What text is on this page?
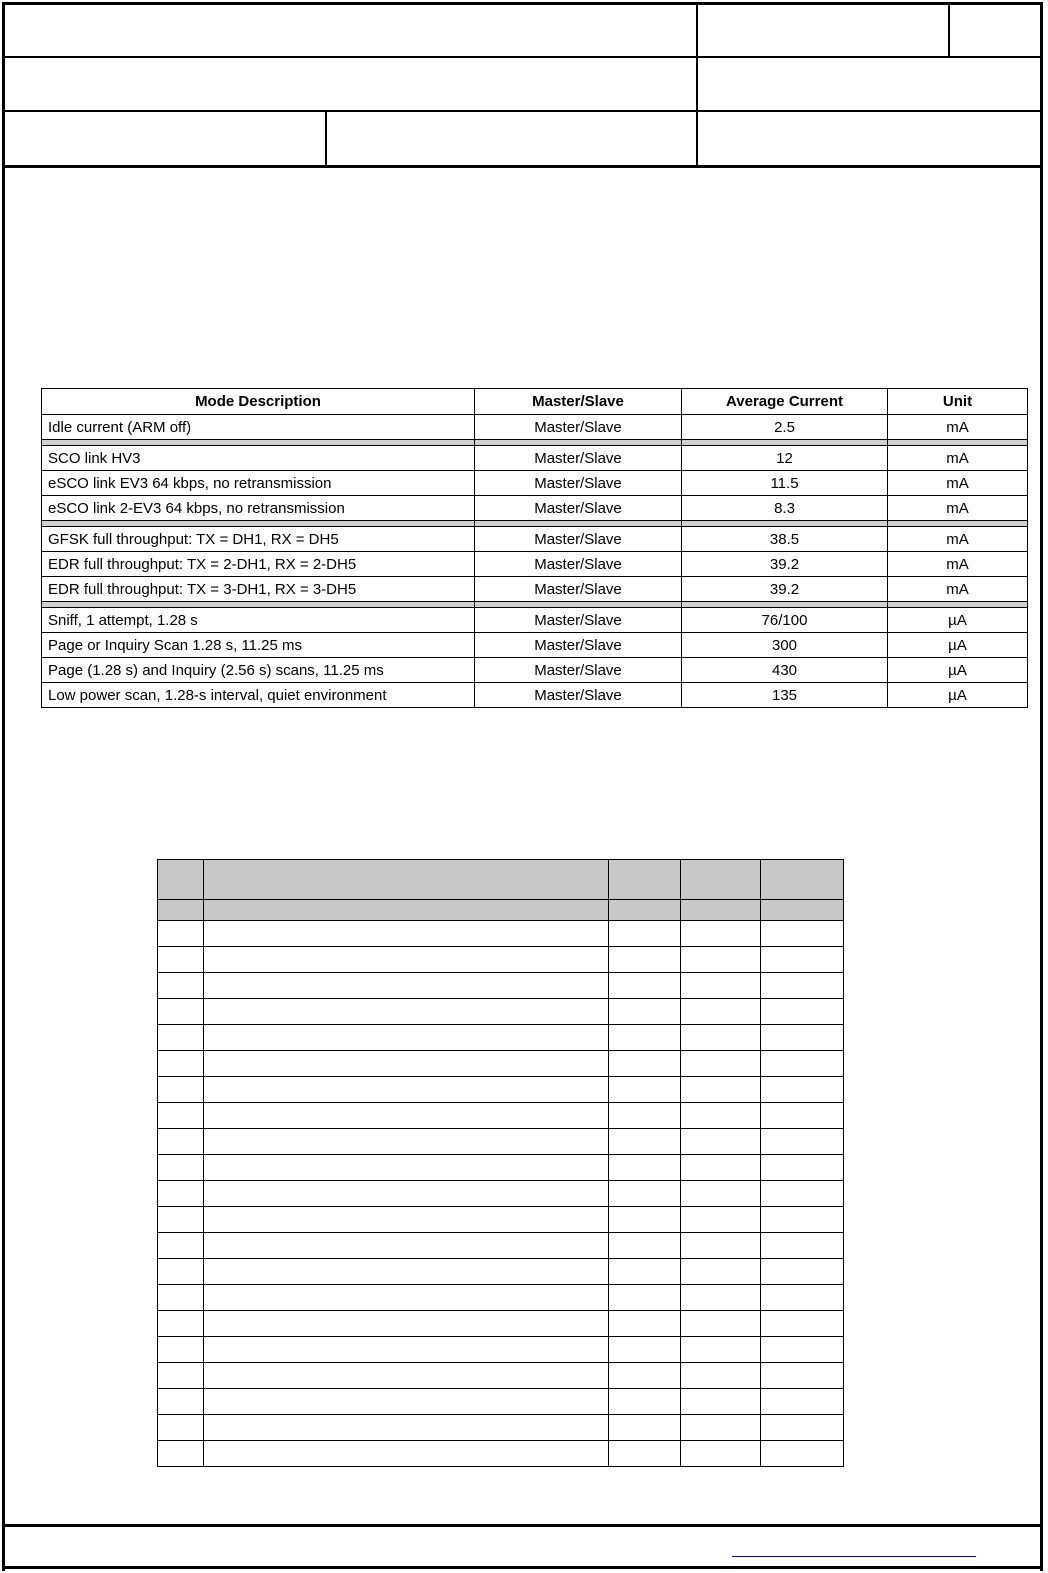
Mode Description	Master/Slave	Average Current	Unit
Idle current (ARM off)	Master/Slave	2.5	mA

SCO link HV3	Master/Slave	12	mA
eSCO link EV3 64 kbps, no retransmission	Master/Slave	11.5	mA
eSCO link 2-EV3 64 kbps, no retransmission	Master/Slave	8.3	mA

GFSK full throughput: TX = DH1, RX = DH5	Master/Slave	38.5	mA
EDR full throughput: TX = 2-DH1, RX = 2-DH5	Master/Slave	39.2	mA
EDR full throughput: TX = 3-DH1, RX = 3-DH5	Master/Slave	39.2	mA

Sniff, 1 attempt, 1.28 s	Master/Slave	76/100	µA
Page or Inquiry Scan 1.28 s, 11.25 ms	Master/Slave	300	µA
Page (1.28 s) and Inquiry (2.56 s) scans, 11.25 ms	Master/Slave	430	µA
Low power scan, 1.28-s interval, quiet environment	Master/Slave	135	µA
